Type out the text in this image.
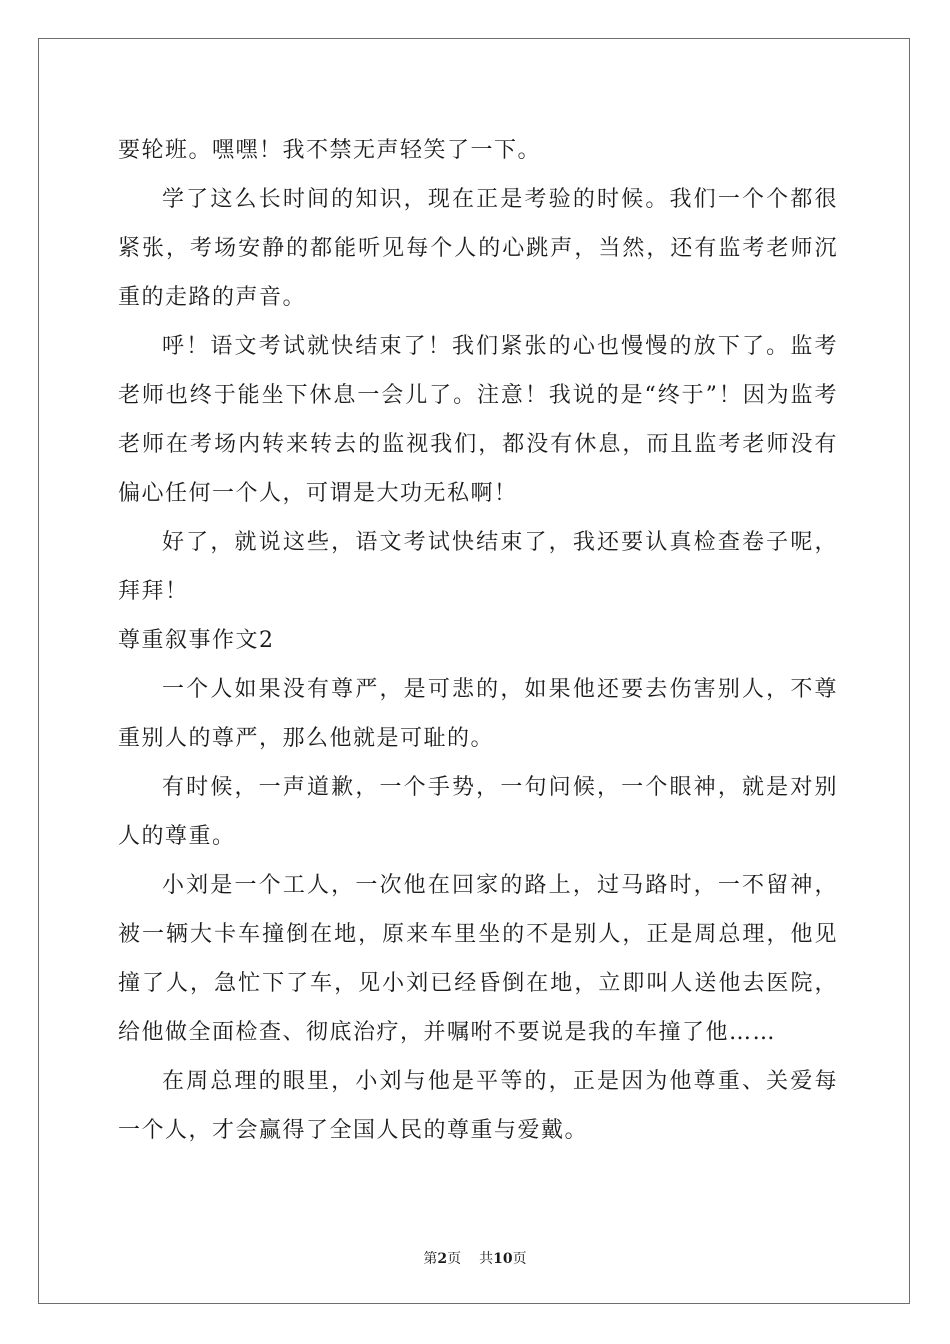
要轮班。嘿嘿！我不禁无声轻笑了一下。

学了这么长时间的知识，现在正是考验的时候。我们一个个都很紧张，考场安静的都能听见每个人的心跳声，当然，还有监考老师沉重的走路的声音。

呼！语文考试就快结束了！我们紧张的心也慢慢的放下了。监考老师也终于能坐下休息一会儿了。注意！我说的是“终于”！因为监考老师在考场内转来转去的监视我们，都没有休息，而且监考老师没有偏心任何一个人，可谓是大功无私啊！

好了，就说这些，语文考试快结束了，我还要认真检查卷子呢，拜拜！

尊重叙事作文2

一个人如果没有尊严，是可悲的，如果他还要去伤害别人，不尊重别人的尊严，那么他就是可耻的。

有时候，一声道歉，一个手势，一句问候，一个眼神，就是对别人的尊重。

小刘是一个工人，一次他在回家的路上，过马路时，一不留神，被一辆大卡车撞倒在地，原来车里坐的不是别人，正是周总理，他见撞了人，急忙下了车，见小刘已经昏倒在地，立即叫人送他去医院，给他做全面检查、彻底治疗，并嘱咐不要说是我的车撞了他……

在周总理的眼里，小刘与他是平等的，正是因为他尊重、关爱每一个人，才会赢得了全国人民的尊重与爱戴。

第2页 共10页
